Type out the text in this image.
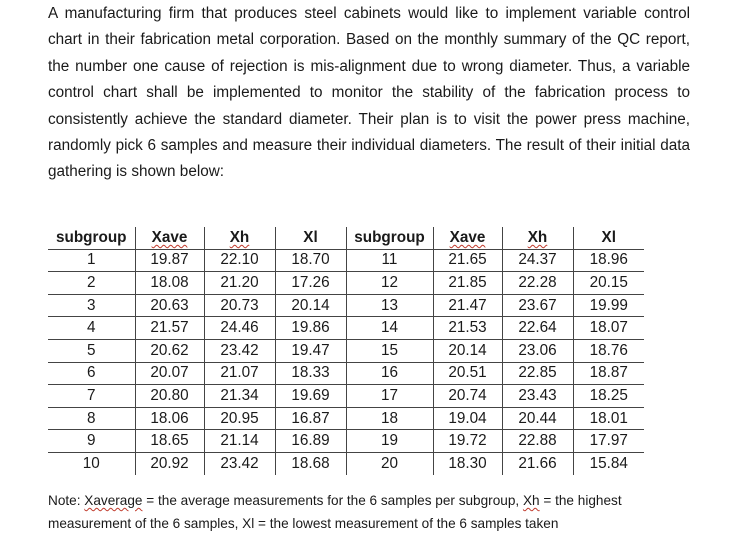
A manufacturing firm that produces steel cabinets would like to implement variable control chart in their fabrication metal corporation. Based on the monthly summary of the QC report, the number one cause of rejection is mis-alignment due to wrong diameter. Thus, a variable control chart shall be implemented to monitor the stability of the fabrication process to consistently achieve the standard diameter. Their plan is to visit the power press machine, randomly pick 6 samples and measure their individual diameters. The result of their initial data gathering is shown below:

subgroup	Xave	Xh	Xl	subgroup	Xave	Xh	Xl
1	19.87	22.10	18.70	11	21.65	24.37	18.96
2	18.08	21.20	17.26	12	21.85	22.28	20.15
3	20.63	20.73	20.14	13	21.47	23.67	19.99
4	21.57	24.46	19.86	14	21.53	22.64	18.07
5	20.62	23.42	19.47	15	20.14	23.06	18.76
6	20.07	21.07	18.33	16	20.51	22.85	18.87
7	20.80	21.34	19.69	17	20.74	23.43	18.25
8	18.06	20.95	16.87	18	19.04	20.44	18.01
9	18.65	21.14	16.89	19	19.72	22.88	17.97
10	20.92	23.42	18.68	20	18.30	21.66	15.84

Note: Xaverage = the average measurements for the 6 samples per subgroup, Xh = the highest
measurement of the 6 samples, Xl = the lowest measurement of the 6 samples taken
